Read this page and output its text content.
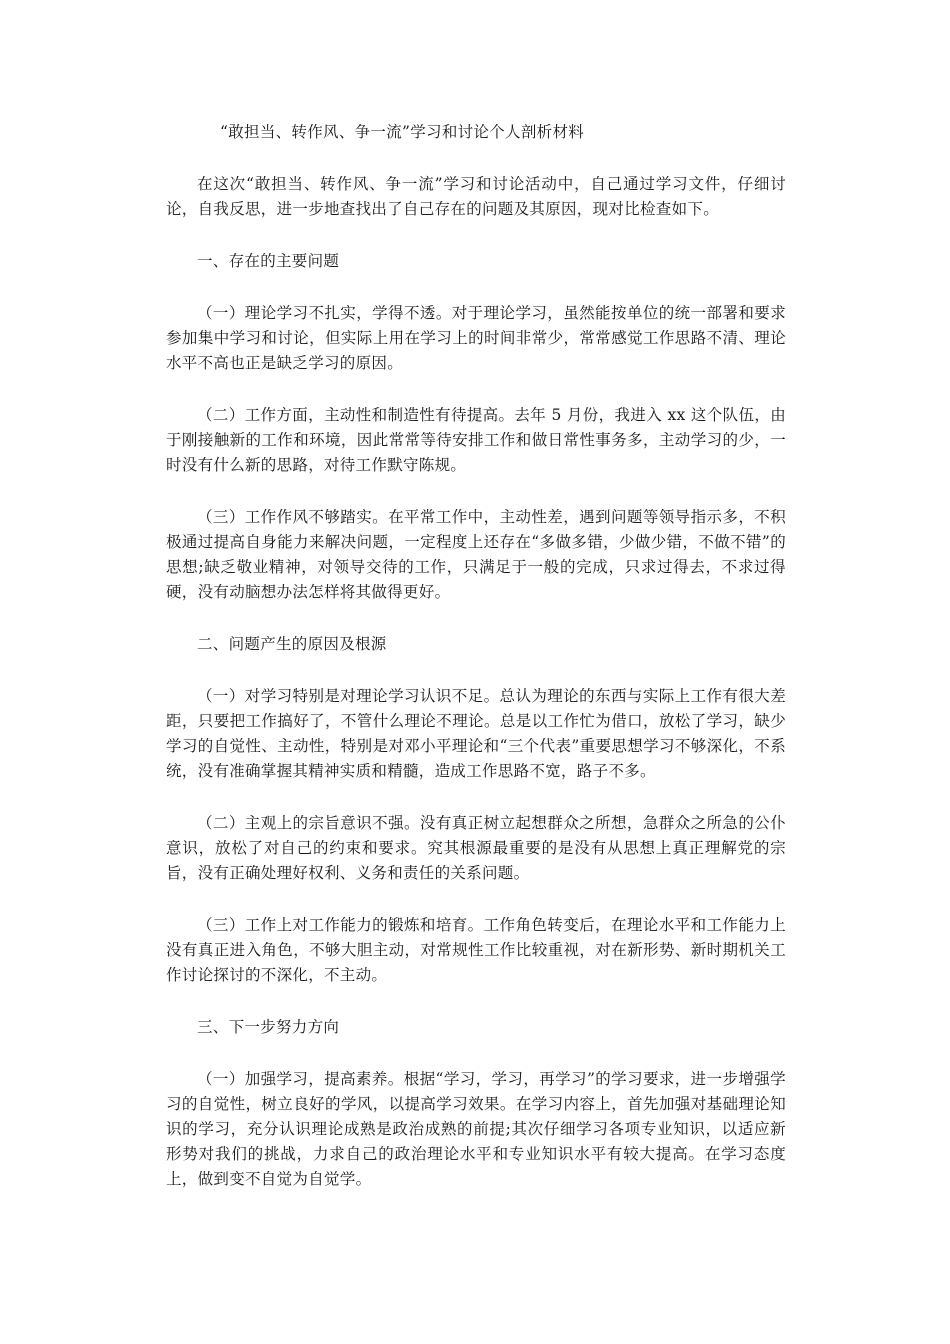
“敢担当、转作风、争一流”学习和讨论个人剖析材料

在这次“敢担当、转作风、争一流”学习和讨论活动中，自己通过学习文件，仔细讨论，自我反思，进一步地查找出了自己存在的问题及其原因，现对比检查如下。

一、存在的主要问题

（一）理论学习不扎实，学得不透。对于理论学习，虽然能按单位的统一部署和要求参加集中学习和讨论，但实际上用在学习上的时间非常少，常常感觉工作思路不清、理论水平不高也正是缺乏学习的原因。

（二）工作方面，主动性和制造性有待提高。去年 5 月份，我进入 xx 这个队伍，由于刚接触新的工作和环境，因此常常等待安排工作和做日常性事务多，主动学习的少，一时没有什么新的思路，对待工作默守陈规。

（三）工作作风不够踏实。在平常工作中，主动性差，遇到问题等领导指示多，不积极通过提高自身能力来解决问题，一定程度上还存在“多做多错，少做少错，不做不错”的思想;缺乏敬业精神，对领导交待的工作，只满足于一般的完成，只求过得去，不求过得硬，没有动脑想办法怎样将其做得更好。

二、问题产生的原因及根源

（一）对学习特别是对理论学习认识不足。总认为理论的东西与实际上工作有很大差距，只要把工作搞好了，不管什么理论不理论。总是以工作忙为借口，放松了学习，缺少学习的自觉性、主动性，特别是对邓小平理论和“三个代表”重要思想学习不够深化，不系统，没有准确掌握其精神实质和精髓，造成工作思路不宽，路子不多。

（二）主观上的宗旨意识不强。没有真正树立起想群众之所想，急群众之所急的公仆意识，放松了对自己的约束和要求。究其根源最重要的是没有从思想上真正理解党的宗旨，没有正确处理好权利、义务和责任的关系问题。

（三）工作上对工作能力的锻炼和培育。工作角色转变后，在理论水平和工作能力上没有真正进入角色，不够大胆主动，对常规性工作比较重视，对在新形势、新时期机关工作讨论探讨的不深化，不主动。

三、下一步努力方向

（一）加强学习，提高素养。根据“学习，学习，再学习”的学习要求，进一步增强学习的自觉性，树立良好的学风，以提高学习效果。在学习内容上，首先加强对基础理论知识的学习，充分认识理论成熟是政治成熟的前提;其次仔细学习各项专业知识，以适应新形势对我们的挑战，力求自己的政治理论水平和专业知识水平有较大提高。在学习态度上，做到变不自觉为自觉学。
